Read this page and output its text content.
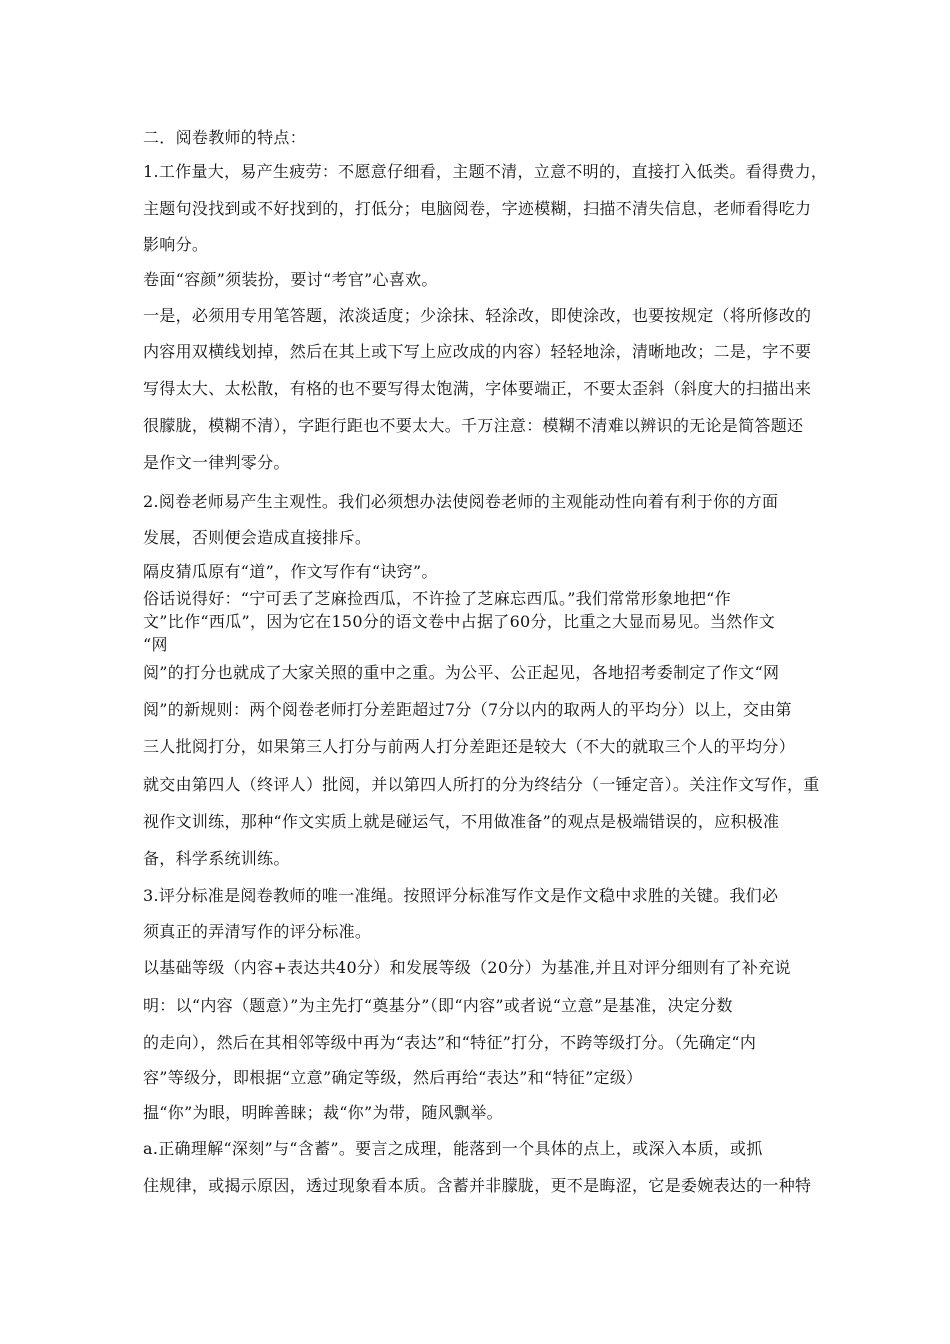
二．阅卷教师的特点：
1.工作量大，易产生疲劳：不愿意仔细看，主题不清，立意不明的，直接打入低类。看得费力，
主题句没找到或不好找到的，打低分；电脑阅卷，字迹模糊，扫描不清失信息，老师看得吃力
影响分。
卷面“容颜”须装扮，要讨“考官”心喜欢。
一是，必须用专用笔答题，浓淡适度；少涂抹、轻涂改，即使涂改，也要按规定（将所修改的
内容用双横线划掉，然后在其上或下写上应改成的内容）轻轻地涂，清晰地改；二是，字不要
写得太大、太松散，有格的也不要写得太饱满，字体要端正，不要太歪斜（斜度大的扫描出来
很朦胧，模糊不清），字距行距也不要太大。千万注意：模糊不清难以辨识的无论是简答题还
是作文一律判零分。
2.阅卷老师易产生主观性。我们必须想办法使阅卷老师的主观能动性向着有利于你的方面
发展，否则便会造成直接排斥。
隔皮猜瓜原有“道”，作文写作有“诀窍”。
俗话说得好：“宁可丢了芝麻捡西瓜，不许捡了芝麻忘西瓜。”我们常常形象地把“作
文”比作“西瓜”，因为它在150分的语文卷中占据了60分，比重之大显而易见。当然作文
“网
阅”的打分也就成了大家关照的重中之重。为公平、公正起见，各地招考委制定了作文“网
阅”的新规则：两个阅卷老师打分差距超过7分（7分以内的取两人的平均分）以上，交由第
三人批阅打分，如果第三人打分与前两人打分差距还是较大（不大的就取三个人的平均分）
就交由第四人（终评人）批阅，并以第四人所打的分为终结分（一锤定音）。关注作文写作，重
视作文训练，那种“作文实质上就是碰运气，不用做准备”的观点是极端错误的，应积极准
备，科学系统训练。
3.评分标准是阅卷教师的唯一准绳。按照评分标准写作文是作文稳中求胜的关键。我们必
须真正的弄清写作的评分标准。
以基础等级（内容+表达共40分）和发展等级（20分）为基准,并且对评分细则有了补充说
明：以“内容（题意）”为主先打“奠基分”（即“内容”或者说“立意”是基准，决定分数
的走向），然后在其相邻等级中再为“表达”和“特征”打分，不跨等级打分。（先确定“内
容”等级分，即根据“立意”确定等级，然后再给“表达”和“特征”定级）
揾“你”为眼，明眸善睐；裁“你”为带，随风飘举。
a.正确理解“深刻”与“含蓄”。要言之成理，能落到一个具体的点上，或深入本质，或抓
住规律，或揭示原因，透过现象看本质。含蓄并非朦胧，更不是晦涩，它是委婉表达的一种特
